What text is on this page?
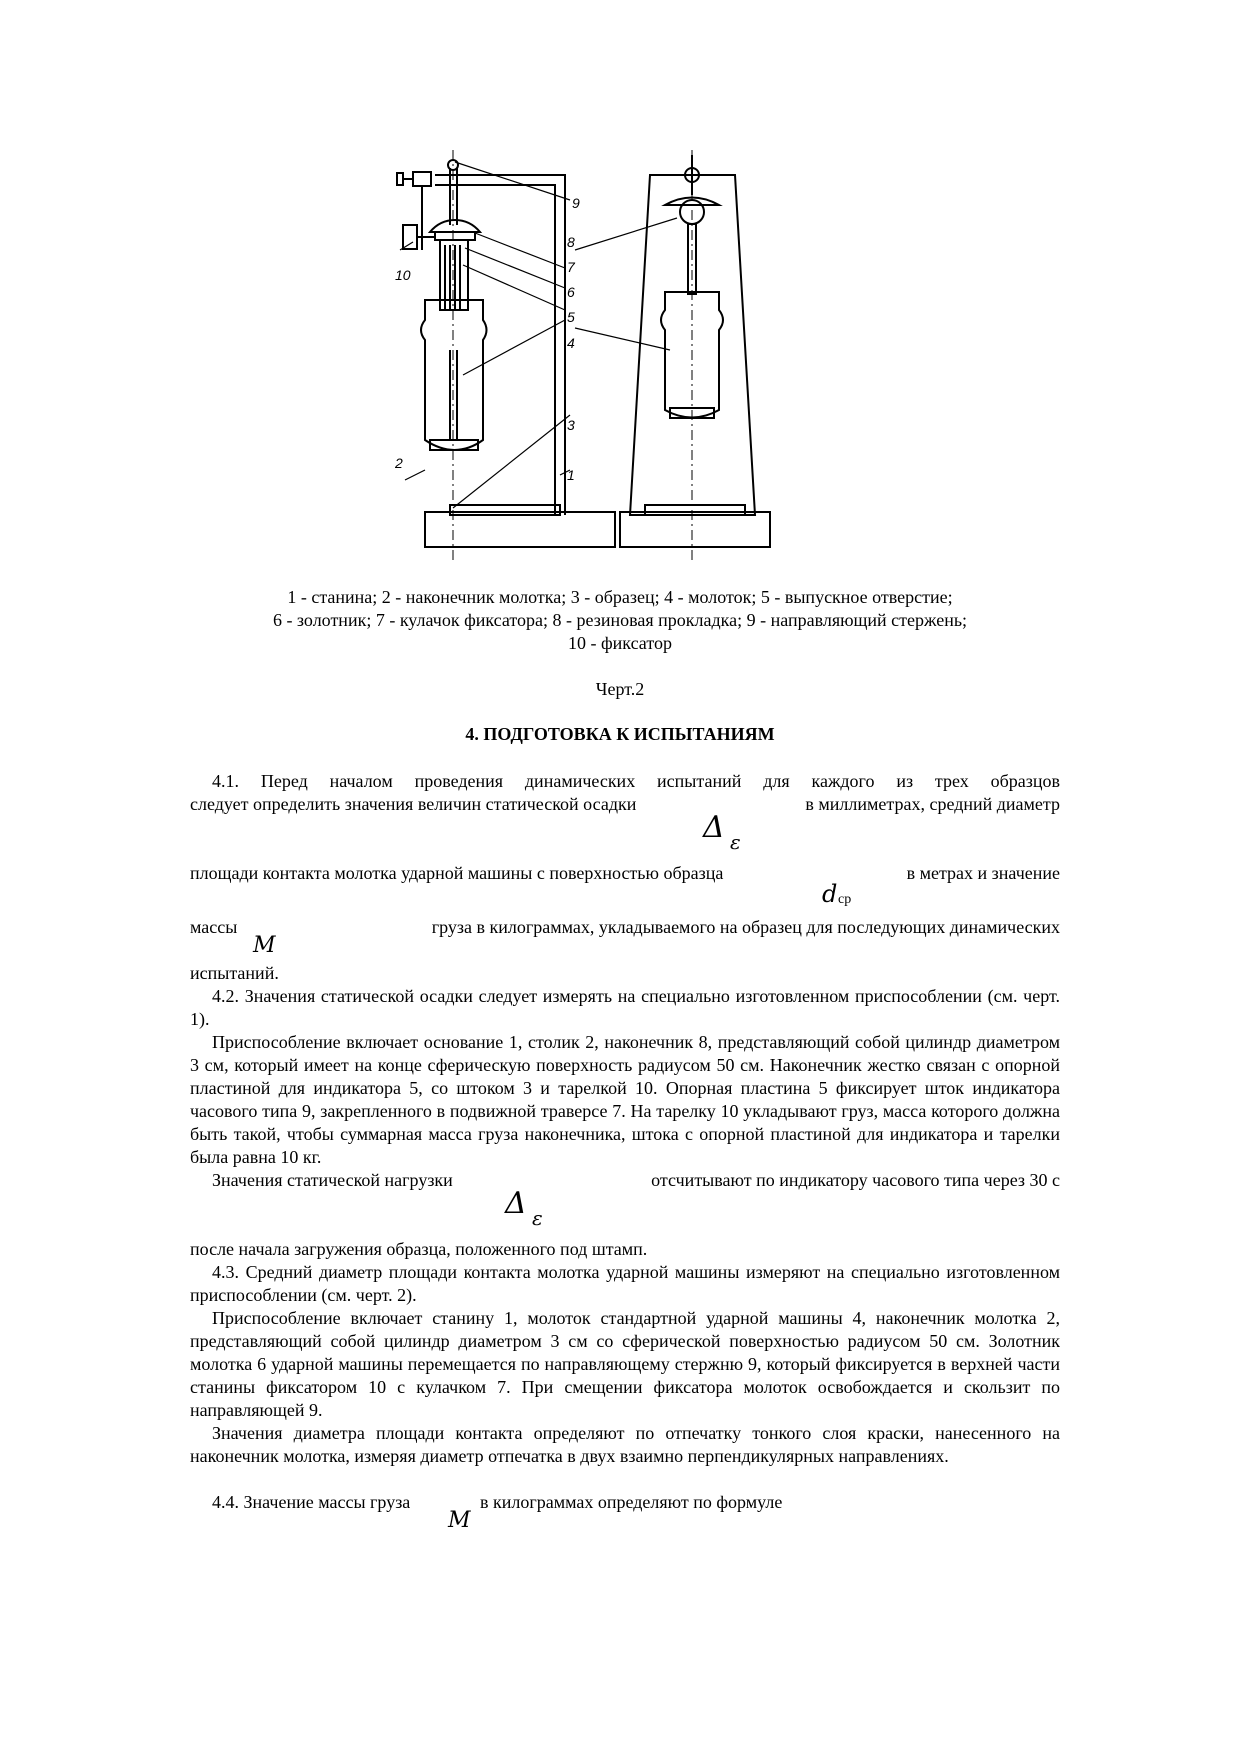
9
8
7
6
5
4
10
2
3
1
1 - станина; 2 - наконечник молотка; 3 - образец; 4 - молоток; 5 - выпускное отверстие;
6 - золотник; 7 - кулачок фиксатора; 8 - резиновая прокладка; 9 - направляющий стержень;
10 - фиксатор
Черт.2
4. ПОДГОТОВКА К ИСПЫТАНИЯМ
4.1. Перед началом проведения динамических испытаний для каждого из трех образцов
следует определить значения величин статической осадки	в миллиметрах, средний диаметр
Δ ε
площади контакта молотка ударной машины с поверхностью образца	в метрах и значение
d ср
массы	груза в килограммах, укладываемого на образец для последующих динамических
M
испытаний.
4.2. Значения статической осадки следует измерять на специально изготовленном приспособлении (см. черт. 1).
Приспособление включает основание 1, столик 2, наконечник 8, представляющий собой цилиндр диаметром 3 см, который имеет на конце сферическую поверхность радиусом 50 см. Наконечник жестко связан с опорной пластиной для индикатора 5, со штоком 3 и тарелкой 10. Опорная пластина 5 фиксирует шток индикатора часового типа 9, закрепленного в подвижной траверсе 7. На тарелку 10 укладывают груз, масса которого должна быть такой, чтобы суммарная масса груза наконечника, штока с опорной пластиной для индикатора и тарелки была равна 10 кг.
Значения статической нагрузки	отсчитывают по индикатору часового типа через 30 с
Δ ε
после начала загружения образца, положенного под штамп.
4.3. Средний диаметр площади контакта молотка ударной машины измеряют на специально изготовленном приспособлении (см. черт. 2).
Приспособление включает станину 1, молоток стандартной ударной машины 4, наконечник молотка 2, представляющий собой цилиндр диаметром 3 см со сферической поверхностью радиусом 50 см. Золотник молотка 6 ударной машины перемещается по направляющему стержню 9, который фиксируется в верхней части станины фиксатором 10 с кулачком 7. При смещении фиксатора молоток освобождается и скользит по направляющей 9.
Значения диаметра площади контакта определяют по отпечатку тонкого слоя краски, нанесенного на наконечник молотка, измеряя диаметр отпечатка в двух взаимно перпендикулярных направлениях.
4.4. Значение массы груза	в килограммах определяют по формуле
M
